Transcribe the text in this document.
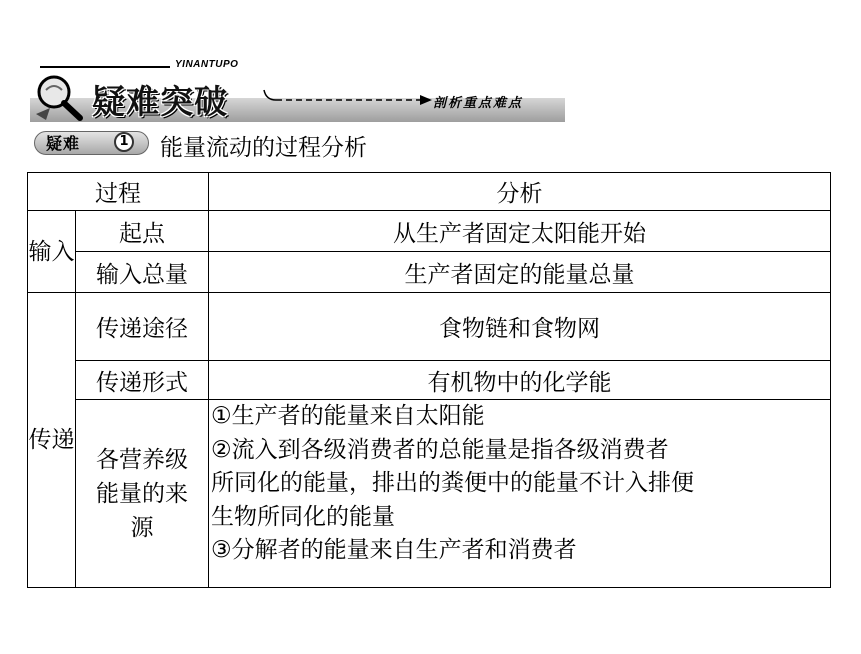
YINANTUPO
疑难突破	剖析重点难点
疑难	1 能量流动的过程分析
过程		分析
输入	起点	从生产者固定太阳能开始
	输入总量	生产者固定的能量总量
传递	传递途径	食物链和食物网
	传递形式	有机物中的化学能
	各营养级能量的来源	①生产者的能量来自太阳能
②流入到各级消费者的总能量是指各级消费者
所同化的能量，排出的粪便中的能量不计入排便
生物所同化的能量
③分解者的能量来自生产者和消费者
